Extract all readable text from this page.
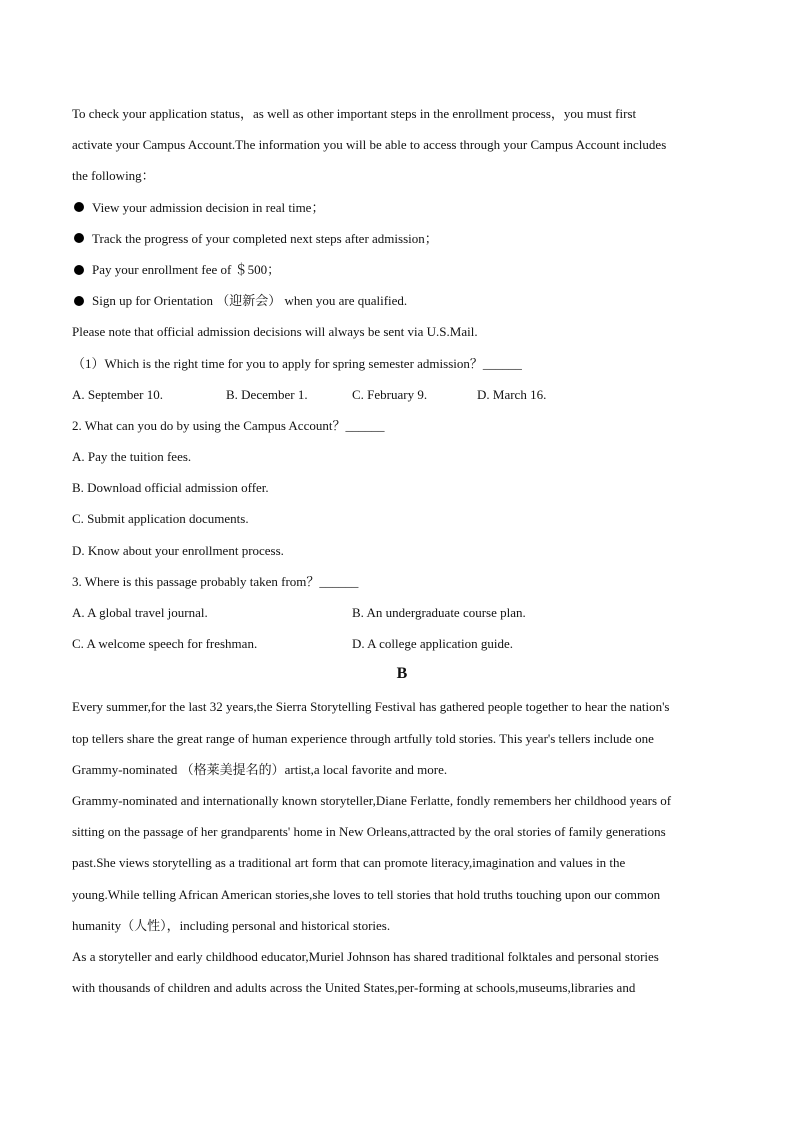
To check your application status，as well as other important steps in the enrollment process，you must first
activate your Campus Account.The information you will be able to access through your Campus Account includes
the following：
View your admission decision in real time；
Track the progress of your completed next steps after admission；
Pay your enrollment fee of ＄500；
Sign up for Orientation （迎新会） when you are qualified.
Please note that official admission decisions will always be sent via U.S.Mail.
（1）Which is the right time for you to apply for spring semester admission？______
A. September 10.	B. December 1.	C. February 9.	D. March 16.
2. What can you do by using the Campus Account？______
A. Pay the tuition fees.
B. Download official admission offer.
C. Submit application documents.
D. Know about your enrollment process.
3. Where is this passage probably taken from？______
A. A global travel journal.	B. An undergraduate course plan.
C. A welcome speech for freshman.	D. A college application guide.
B
Every summer,for the last 32 years,the Sierra Storytelling Festival has gathered people together to hear the nation's
top tellers share the great range of human experience through artfully told stories. This year's tellers include one
Grammy-nominated （格莱美提名的）artist,a local favorite and more.
Grammy-nominated and internationally known storyteller,Diane Ferlatte, fondly remembers her childhood years of
sitting on the passage of her grandparents' home in New Orleans,attracted by the oral stories of family generations
past.She views storytelling as a traditional art form that can promote literacy,imagination and values in the
young.While telling African American stories,she loves to tell stories that hold truths touching upon our common
humanity（人性），including personal and historical stories.
As a storyteller and early childhood educator,Muriel Johnson has shared traditional folktales and personal stories
with thousands of children and adults across the United States,per-forming at schools,museums,libraries and
